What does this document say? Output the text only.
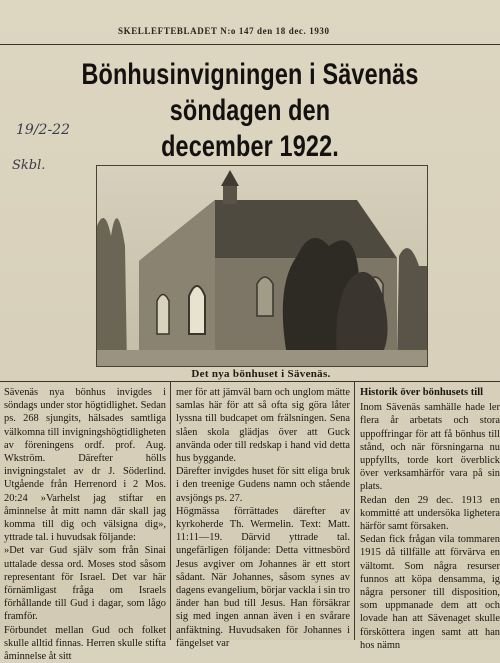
SKELLEFTEBLADET N:o 147 den 18 dec. 1930
Bönhusinvigningen i Sävenäs söndagen den
december 1922.
19/2-22
Skbl.
Det nya bönhuset i Sävenäs.

Sävenäs nya bönhus invigdes i söndags under stor högtidlighet. Sedan ps. 268 sjungits, hälsades samtliga välkomna till invigningshögtidligheten av föreningens ordf. prof. Aug. Wkström. Därefter hölls invigningstalet av dr J. Söderlind. Utgående från Herrenord i 2 Mos. 20:24 »Varhelst jag stiftar en åminnelse åt mitt namn där skall jag komma till dig och välsigna dig», yttrade tal. i huvudsak följande:

»Det var Gud själv som från Sinai uttalade dessa ord. Moses stod såsom representant för Israel. Det var här förnämligast fråga om Israels förhållande till Gud i dagar, som lågo framför.

Förbundet mellan Gud och folket skulle alltid finnas. Herren skulle stifta åminnelse åt sitt

mer för att jämväl barn och unglom mätte samlas här för att så ofta sig göra låter lyssna till budcapet om frälsningen. Sena slåen skola glädjas över att Guck använda oder till redskap i hand vid detta hus byggande.

Därefter invigdes huset för sitt eliga bruk i den treenige Gudens namn och stående avsjöngs ps. 27.

Högmässa förrättades därefter av kyrkoherde Th. Wermelin. Text: Matt. 11:11—19. Därvid yttrade tal. ungefärligen följande: Detta vittnesbörd Jesus avgiver om Johannes är ett stort sådant. När Johannes, såsom synes av dagens evangelium, börjar vackla i sin tro änder han bud till Jesus. Han försäkrar sig med ingen annan även i en svårare anfäktning. Huvudsaken för Johannes i fängelset var

Historik över bönhusets till

Inom Sävenäs samhälle hade ler flera år arbetats och stora uppoffringar för att få bönhus till stånd, och när försningarna nu uppfyllts, torde kort överblick över verksamhärför vara på sin plats.

Redan den 29 dec. 1913 en kommitté att undersöka lighetera härför samt försaken.

Sedan fick frågan vila tommaren 1915 då tillfälle att förvärva en vältomt. Som några resurser funnos att köpa densamma, ig några personer till disposition, som uppmanade dem att och lovade han att Sävenaget skulle försköttera ingen samt att han hos nämn
